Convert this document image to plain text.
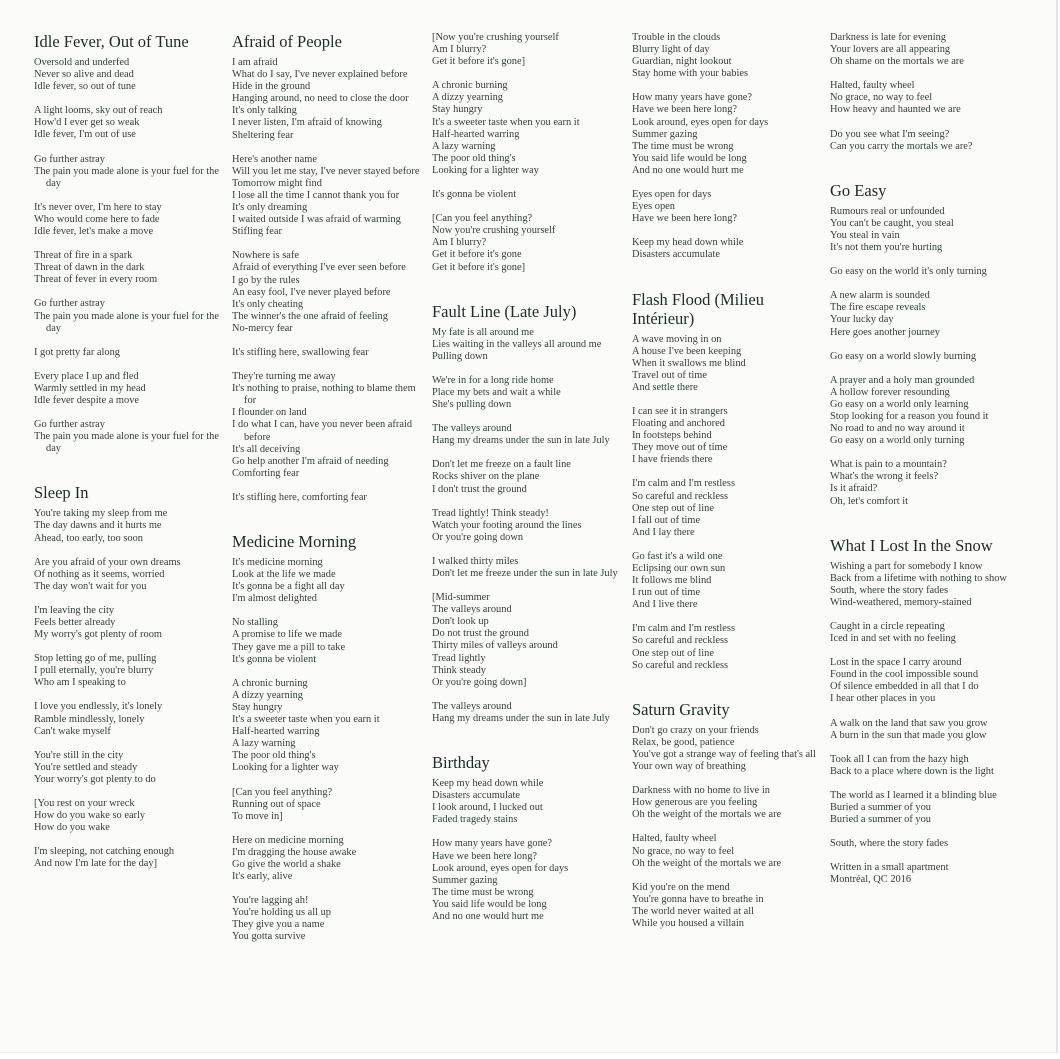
Idle Fever, Out of Tune
Oversold and underfed
Never so alive and dead
Idle fever, so out of tune
A light looms, sky out of reach
How'd I ever get so weak
Idle fever, I'm out of use
Go further astray
The pain you made alone is your fuel for the day
It's never over, I'm here to stay
Who would come here to fade
Idle fever, let's make a move
Threat of fire in a spark
Threat of dawn in the dark
Threat of fever in every room
Go further astray
The pain you made alone is your fuel for the day
I got pretty far along
Every place I up and fled
Warmly settled in my head
Idle fever despite a move
Go further astray
The pain you made alone is your fuel for the day
Sleep In
You're taking my sleep from me
The day dawns and it hurts me
Ahead, too early, too soon
Are you afraid of your own dreams
Of nothing as it seems, worried
The day won't wait for you
I'm leaving the city
Feels better already
My worry's got plenty of room
Stop letting go of me, pulling
I pull eternally, you're blurry
Who am I speaking to
I love you endlessly, it's lonely
Ramble mindlessly, lonely
Can't wake myself
You're still in the city
You're settled and steady
Your worry's got plenty to do
[You rest on your wreck
How do you wake so early
How do you wake
I'm sleeping, not catching enough
And now I'm late for the day]
Afraid of People
I am afraid
What do I say, I've never explained before
Hide in the ground
Hanging around, no need to close the door
It's only talking
I never listen, I'm afraid of knowing
Sheltering fear
Here's another name
Will you let me stay, I've never stayed before
Tomorrow might find
I lose all the time I cannot thank you for
It's only dreaming
I waited outside I was afraid of warming
Stifling fear
Nowhere is safe
Afraid of everything I've ever seen before
I go by the rules
An easy fool, I've never played before
It's only cheating
The winner's the one afraid of feeling
No-mercy fear
It's stifling here, swallowing fear
They're turning me away
It's nothing to praise, nothing to blame them for
I flounder on land
I do what I can, have you never been afraid before
It's all deceiving
Go help another I'm afraid of needing
Comforting fear
It's stifling here, comforting fear
Medicine Morning
It's medicine morning
Look at the life we made
It's gonna be a fight all day
I'm almost delighted
No stalling
A promise to life we made
They gave me a pill to take
It's gonna be violent
A chronic burning
A dizzy yearning
Stay hungry
It's a sweeter taste when you earn it
Half-hearted warring
A lazy warning
The poor old thing's
Looking for a lighter way
[Can you feel anything?
Running out of space
To move in]
Here on medicine morning
I'm dragging the house awake
Go give the world a shake
It's early, alive
You're lagging ah!
You're holding us all up
They give you a name
You gotta survive
[Now you're crushing yourself
Am I blurry?
Get it before it's gone]
A chronic burning
A dizzy yearning
Stay hungry
It's a sweeter taste when you earn it
Half-hearted warring
A lazy warning
The poor old thing's
Looking for a lighter way
It's gonna be violent
[Can you feel anything?
Now you're crushing yourself
Am I blurry?
Get it before it's gone
Get it before it's gone]
Fault Line (Late July)
My fate is all around me
Lies waiting in the valleys all around me
Pulling down
We're in for a long ride home
Place my bets and wait a while
She's pulling down
The valleys around
Hang my dreams under the sun in late July
Don't let me freeze on a fault line
Rocks shiver on the plane
I don't trust the ground
Tread lightly! Think steady!
Watch your footing around the lines
Or you're going down
I walked thirty miles
Don't let me freeze under the sun in late July
[Mid-summer
The valleys around
Don't look up
Do not trust the ground
Thirty miles of valleys around
Tread lightly
Think steady
Or you're going down]
The valleys around
Hang my dreams under the sun in late July
Birthday
Keep my head down while
Disasters accumulate
I look around, I lucked out
Faded tragedy stains
How many years have gone?
Have we been here long?
Look around, eyes open for days
Summer gazing
The time must be wrong
You said life would be long
And no one would hurt me
Trouble in the clouds
Blurry light of day
Guardian, night lookout
Stay home with your babies
How many years have gone?
Have we been here long?
Look around, eyes open for days
Summer gazing
The time must be wrong
You said life would be long
And no one would hurt me
Eyes open for days
Eyes open
Have we been here long?
Keep my head down while
Disasters accumulate
Flash Flood (Milieu Intérieur)
A wave moving in on
A house I've been keeping
When it swallows me blind
Travel out of time
And settle there
I can see it in strangers
Floating and anchored
In footsteps behind
They move out of time
I have friends there
I'm calm and I'm restless
So careful and reckless
One step out of line
I fall out of time
And I lay there
Go fast it's a wild one
Eclipsing our own sun
It follows me blind
I run out of time
And I live there
I'm calm and I'm restless
So careful and reckless
One step out of line
So careful and reckless
Saturn Gravity
Don't go crazy on your friends
Relax, be good, patience
You've got a strange way of feeling that's all
Your own way of breathing
Darkness with no home to live in
How generous are you feeling
Oh the weight of the mortals we are
Halted, faulty wheel
No grace, no way to feel
Oh the weight of the mortals we are
Kid you're on the mend
You're gonna have to breathe in
The world never waited at all
While you housed a villain
Darkness is late for evening
Your lovers are all appearing
Oh shame on the mortals we are
Halted, faulty wheel
No grace, no way to feel
How heavy and haunted we are
Do you see what I'm seeing?
Can you carry the mortals we are?
Go Easy
Rumours real or unfounded
You can't be caught, you steal
You steal in vain
It's not them you're hurting
Go easy on the world it's only turning
A new alarm is sounded
The fire escape reveals
Your lucky day
Here goes another journey
Go easy on a world slowly burning
A prayer and a holy man grounded
A hollow forever resounding
Go easy on a world only learning
Stop looking for a reason you found it
No road to and no way around it
Go easy on a world only turning
What is pain to a mountain?
What's the wrong it feels?
Is it afraid?
Oh, let's comfort it
What I Lost In the Snow
Wishing a part for somebody I know
Back from a lifetime with nothing to show
South, where the story fades
Wind-weathered, memory-stained
Caught in a circle repeating
Iced in and set with no feeling
Lost in the space I carry around
Found in the cool impossible sound
Of silence embedded in all that I do
I hear other places in you
A walk on the land that saw you grow
A burn in the sun that made you glow
Took all I can from the hazy high
Back to a place where down is the light
The world as I learned it a blinding blue
Buried a summer of you
Buried a summer of you
South, where the story fades
Written in a small apartment
Montréal, QC 2016
